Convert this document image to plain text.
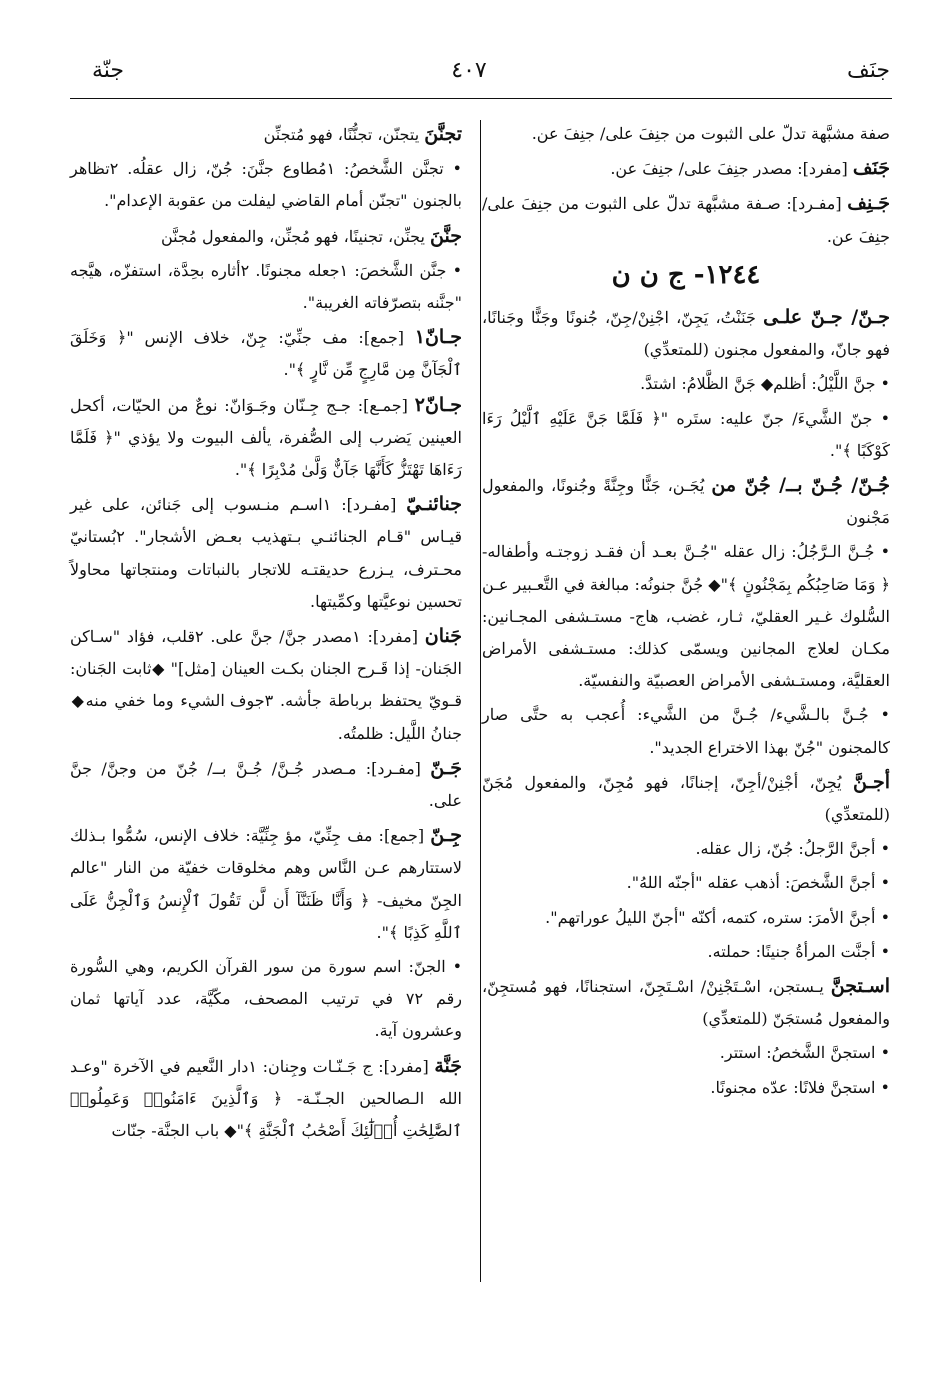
جنَف
٤٠٧
جنّة

صفة مشبَّهة تدلّ على الثبوت من جنِفَ على/ جنِفَ عن.

جَنَف [مفرد]: مصدر جنِفَ على/ جنِفَ عن.

جَـنِف [مفـرد]: صـفة مشبَّهة تدلّ على الثبوت من جنِفَ على/ جنِفَ عن.

١٢٤٤- ج ن ن

جـنّ/ جـنّ علـى جَنَنْتُ، يَجِنّ، اجْنِنْ/جِنّ، جُنونًا وجَنًّا وجَنانًا، فهو جانّ، والمفعول مجنون (للمتعدِّي)

• جنَّ اللَّيْلُ: أظلم◆ جَنَّ الظَّلامُ: اشتدَّ.

• جنّ الشَّيءَ/ جنّ عليه: ستَره "﴿ فَلَمَّا جَنَّ عَلَيْهِ ٱلَّيْلُ رَءَا كَوْكَبًا ﴾".

جُـنّ/ جُـنّ بــ/ جُنّ من يُجَـن، جَنًّا وجِنَّةً وجُنونًا، والمفعول مَجْنون

• جُـنَّ الـرَّجُلُ: زال عقله "جُـنَّ بعـد أن فقـد زوجتـه وأطفاله- ﴿ وَمَا صَاحِبُكُم بِمَجْنُونٍ ﴾"◆ جُنَّ جنونُه: مبالغة في التَّعـبير عـن السُّلوك غـير العقليّ، ثـار، غضب، هاج- مستـشفى المجـانين: مكـان لعلاج المجانين ويسمّى كذلك: مستـشفى الأمراض العقليَّة، ومستـشفى الأمراض العصبيّة والنفسيّة.

• جُـنَّ بالـشَّيء/ جُـنَّ من الشَّيء: أُعجب به حتَّى صار كالمجنون "جُنّ بهذا الاختراع الجديد".

أجـنَّ يُجِنّ، أجْنِنْ/أجِنّ، إجنانًا، فهو مُجِنّ، والمفعول مُجَنّ (للمتعدِّي)

• أجنَّ الرَّجلُ: جُنّ، زال عقله.

• أجنَّ الشَّخصَ: أذهب عقله "أجنّه اللهُ".

• أجنَّ الأمرَ: ستره، كتمه، أكنّه "أجنّ الليلُ عوراتهم".

• أجنَّت المرأةُ جنينًا: حملته.

اسـتجنَّ يـستجن، اسْـتَجْنِنْ/ اسْـتَجِنّ، استجنانًا، فهو مُستجِنّ، والمفعول مُستجَنّ (للمتعدِّي)

• استجنَّ الشَّخصُ: استتر.

• استجنَّ فلانًا: عدّه مجنونًا.

تجنَّنَ يتجنّن، تجنُّنًا، فهو مُتجنِّن

• تجنَّن الشَّخصُ: ١مُطاوع جنَّنَ: جُنّ، زال عقلُه. ٢تظاهر بالجنون "تجنّن أمام القاضي ليفلت من عقوبة الإعدام".

جنَّنَ يجنِّن، تجنينًا، فهو مُجنِّن، والمفعول مُجنَّن

• جنَّن الشَّخصَ: ١جعله مجنونًا. ٢أثاره بحِدَّة، استفزّه، هيَّجه "جنَّنه بتصرّفاته الغريبة".

جـانّ١ [جمع]: مف جنِّيّ: جِنّ، خلاف الإنس "﴿ وَخَلَقَ ٱلْجَآنَّ مِن مَّارِجٍ مِّن نَّارٍ ﴾".

جـانّ٢ [جمـع]: جـج جِـنّان وجَـوَانّ: نوعٌ من الحيّات، أكحل العينين يَضرب إلى الصُّفرة، يألف البيوت ولا يؤذي "﴿ فَلَمَّا رَءَاهَا تَهْتَزُّ كَأَنَّهَا جَآنٌّ وَلَّىٰ مُدْبِرًا ﴾".

جنائنـيّ [مفـرد]: ١اسـم منـسوب إلى جَنائن، على غير قيـاس "قـام الجنائنـي بـتهذيب بعـض الأشجار". ٢بُستانيّ محـترف، يـزرع حديقتـه للاتجار بالنباتات ومنتجاتها محاولاً تحسين نوعيَّتها وكمِّيتها.

جَنان [مفرد]: ١مصدر جنَّ/ جنَّ على. ٢قلب، فؤاد "سـاكن الجَنان- إذا قَـرح الجنان بكـت العينان [مثل]" ◆ثابت الجَنان: قـويّ يحتفظ برباطة جأشه. ٣جوف الشيء وما خفي منه◆ جنانُ اللَّيل: ظلمتُه.

جَـنّ [مفـرد]: مـصدر جُـنَّ/ جُـنَّ بــ/ جُنّ من وجنَّ/ جنَّ على.

جِـنّ [جمع]: مف جِنِّيّ، مؤ جِنِّيَّة: خلاف الإنس، سُمُّوا بـذلك لاستتارهم عـن النَّاس وهم مخلوقات خفيّة من النار "عالم الجِنّ مخيف- ﴿ وَأَنَّا ظَنَنَّآ أَن لَّن تَقُولَ ٱلْإِنسُ وَٱلْجِنُّ عَلَى ٱللَّهِ كَذِبًا ﴾".

• الجنّ: اسم سورة من سور القرآن الكريم، وهي السُّورة رقم ٧٢ في ترتيب المصحف، مكّيَّة، عدد آياتها ثمان وعشرون آية.

جَنَّة [مفرد]: ج جَـنّـات وجِنان: ١دار النَّعيم في الآخرة "وعـد الله الـصالحين الجـنّـة- ﴿ وَٱلَّذِينَ ءَامَنُوا۟ وَعَمِلُوا۟ ٱلصَّٰلِحَٰتِ أُو۟لَٰٓئِكَ أَصْحَٰبُ ٱلْجَنَّةِ ﴾"◆ باب الجنَّة- جنّات
